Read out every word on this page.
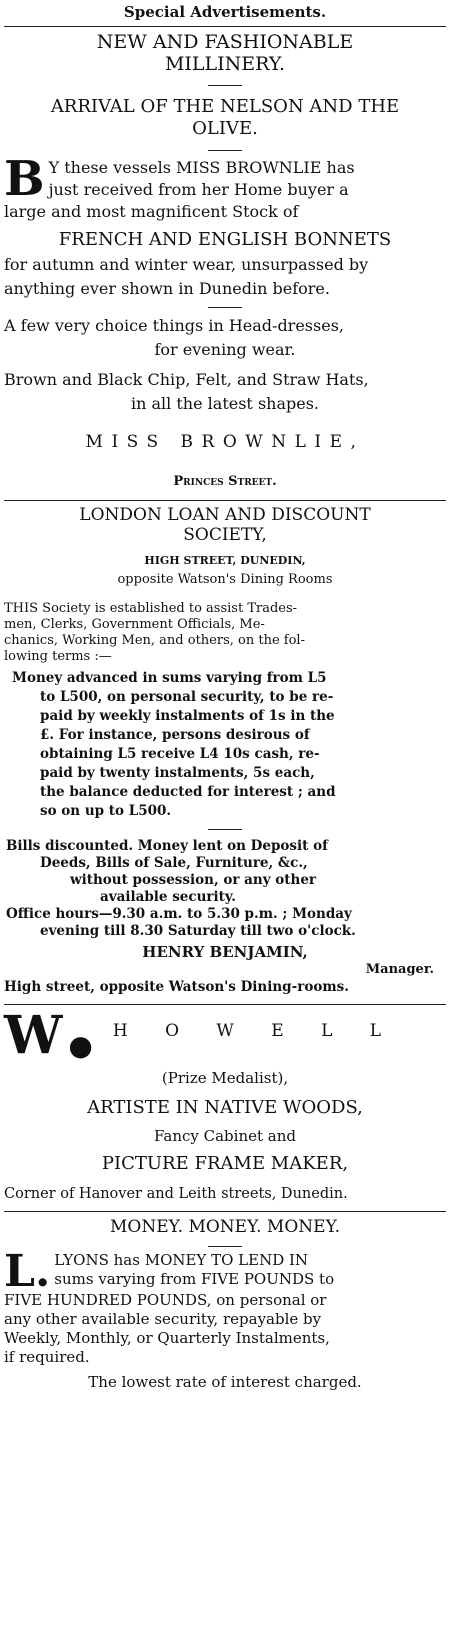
Special Advertisements.
NEW AND FASHIONABLE
MILLINERY.
ARRIVAL OF THE NELSON AND THE
OLIVE.
B Y these vessels MISS BROWNLIE has
just received from her Home buyer a
large and most magnificent Stock of
FRENCH AND ENGLISH BONNETS
for autumn and winter wear, unsurpassed by
anything ever shown in Dunedin before.
A few very choice things in Head-dresses,
for evening wear.
Brown and Black Chip, Felt, and Straw Hats,
in all the latest shapes.
MISS BROWNLIE,
Princes Street.
LONDON LOAN AND DISCOUNT
SOCIETY,
HIGH STREET, DUNEDIN,
opposite Watson's Dining Rooms
THIS Society is established to assist Trades-
men, Clerks, Government Officials, Me-
chanics, Working Men, and others, on the fol-
lowing terms :—
Money advanced in sums varying from L5
to L500, on personal security, to be re-
paid by weekly instalments of 1s in the
£. For instance, persons desirous of
obtaining L5 receive L4 10s cash, re-
paid by twenty instalments, 5s each,
the balance deducted for interest ; and
so on up to L500.
Bills discounted. Money lent on Deposit of
Deeds, Bills of Sale, Furniture, &c.,
without possession, or any other
available security.
Office hours—9.30 a.m. to 5.30 p.m. ; Monday
evening till 8.30 Saturday till two o'clock.
HENRY BENJAMIN,
Manager.
High street, opposite Watson's Dining-rooms.
W ● HOWELL
(Prize Medalist),
ARTISTE IN NATIVE WOODS,
Fancy Cabinet and
PICTURE FRAME MAKER,
Corner of Hanover and Leith streets, Dunedin.
MONEY. MONEY. MONEY.
L. LYONS has MONEY TO LEND IN
sums varying from FIVE POUNDS to
FIVE HUNDRED POUNDS, on personal or
any other available security, repayable by
Weekly, Monthly, or Quarterly Instalments,
if required.
The lowest rate of interest charged.
